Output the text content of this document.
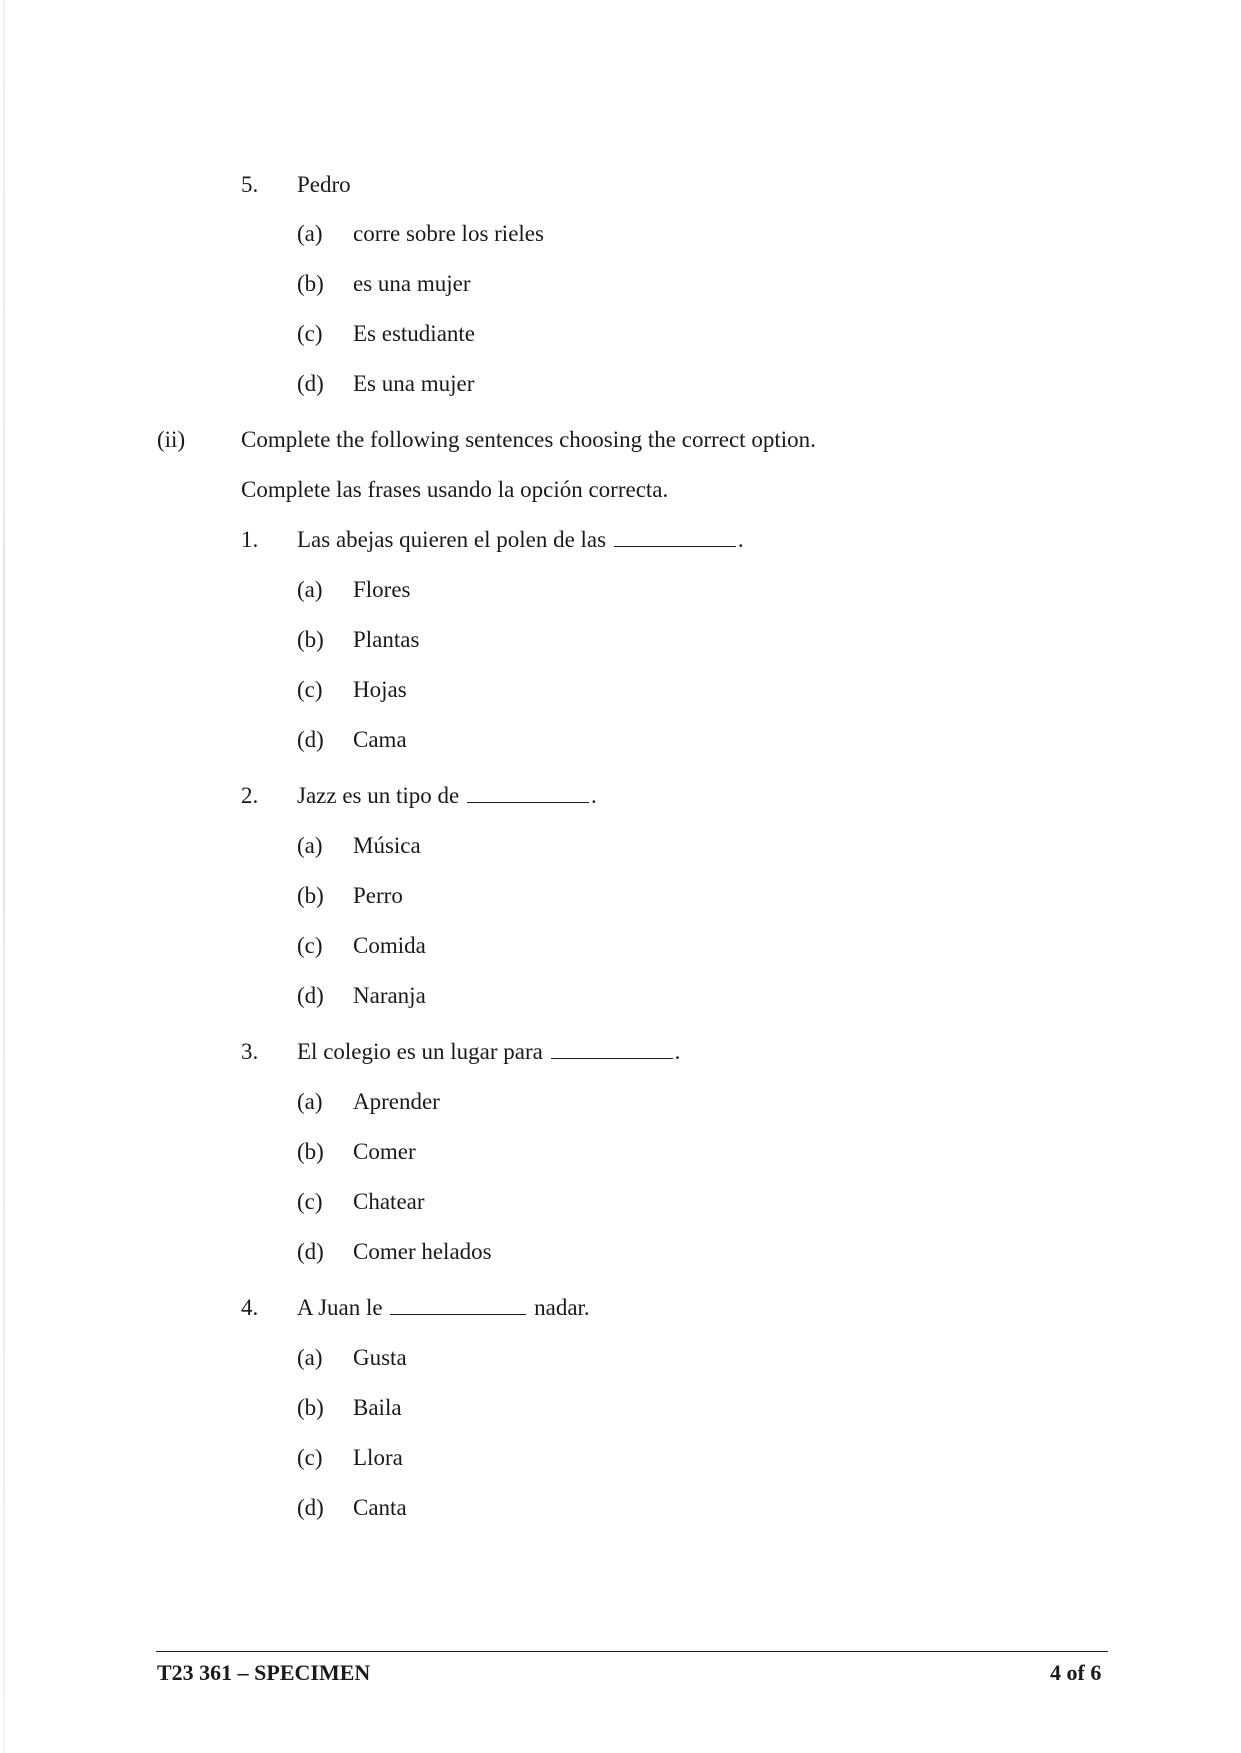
5. Pedro
(a) corre sobre los rieles
(b) es una mujer
(c) Es estudiante
(d) Es una mujer
(ii) Complete the following sentences choosing the correct option.
Complete las frases usando la opción correcta.
1. Las abejas quieren el polen de las	.
(a) Flores
(b) Plantas
(c) Hojas
(d) Cama
2. Jazz es un tipo de	.
(a) Música
(b) Perro
(c) Comida
(d) Naranja
3. El colegio es un lugar para	.
(a) Aprender
(b) Comer
(c) Chatear
(d) Comer helados
4. A Juan le	nadar.
(a) Gusta
(b) Baila
(c) Llora
(d) Canta
T23 361 – SPECIMEN	4 of 6
